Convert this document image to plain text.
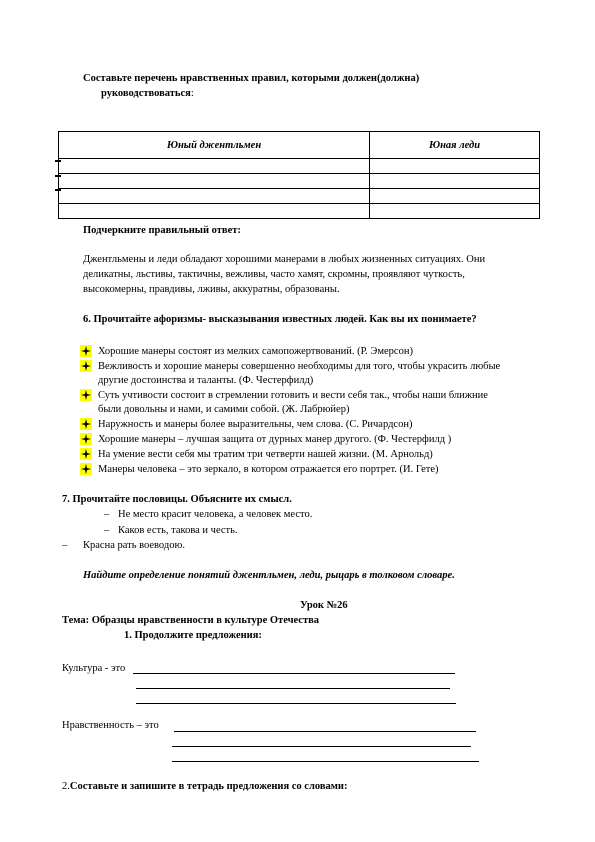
Составьте перечень нравственных правил, которыми должен(должна)
руководствоваться:
Юный джентльмен	Юная леди

Подчеркните правильный ответ:
Джентльмены и леди обладают хорошими манерами в любых жизненных ситуациях. Они
деликатны, льстивы, тактичны, вежливы, часто хамят, скромны, проявляют чуткость,
высокомерны, правдивы, лживы, аккуратны, образованы.
6. Прочитайте афоризмы- высказывания известных людей. Как вы их понимаете?
Хорошие манеры состоят из мелких самопожертвований. (Р. Эмерсон)
Вежливость и хорошие манеры совершенно необходимы для того, чтобы украсить любые
другие достоинства и таланты. (Ф. Честерфилд)
Суть учтивости состоит в стремлении готовить и вести себя так., чтобы наши ближние
были довольны и нами, и самими собой. (Ж. Лабрюйер)
Наружность и манеры более выразительны, чем слова. (С. Ричардсон)
Хорошие манеры – лучшая защита от дурных манер другого. (Ф. Честерфилд )
На умение вести себя мы тратим три четверти нашей жизни. (М. Арнольд)
Манеры человека – это зеркало, в котором отражается его портрет. (И. Гете)
7. Прочитайте пословицы. Объясните их смысл.
– Не место красит человека, а человек место.
– Каков есть, такова и честь.
– Красна рать воеводою.
Найдите определение понятий джентльмен, леди, рыцарь в толковом словаре.
Урок №26
Тема: Образцы нравственности в культуре Отечества
1. Продолжите предложения:
Культура - это
Нравственность – это
2.Составьте и запишите в тетрадь предложения со словами:
